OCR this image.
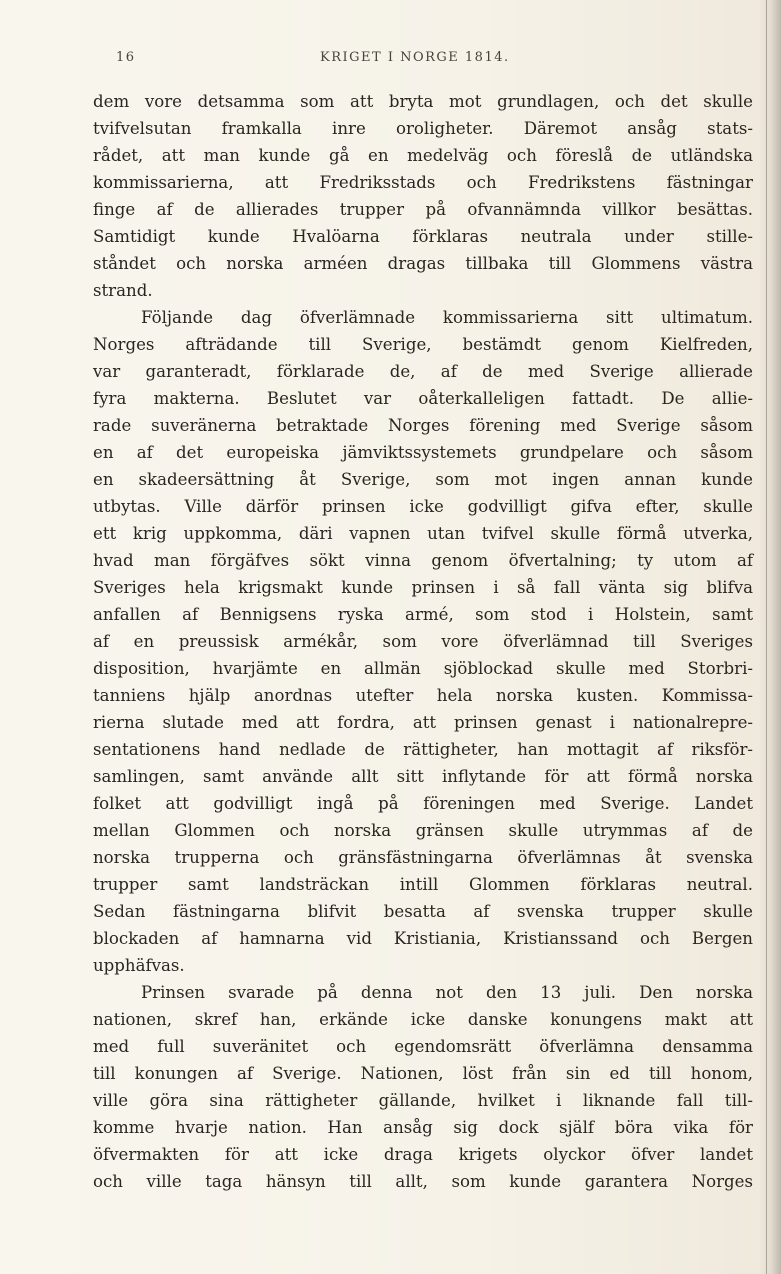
16	KRIGET I NORGE 1814.
dem vore detsamma som att bryta mot grundlagen, och det skulle
tvifvelsutan framkalla inre oroligheter. Däremot ansåg stats-
rådet, att man kunde gå en medelväg och föreslå de utländska
kommissarierna, att Fredriksstads och Fredrikstens fästningar
finge af de allierades trupper på ofvannämnda villkor besättas.
Samtidigt kunde Hvalöarna förklaras neutrala under stille-
ståndet och norska arméen dragas tillbaka till Glommens västra
strand.
Följande dag öfverlämnade kommissarierna sitt ultimatum.
Norges afträdande till Sverige, bestämdt genom Kielfreden,
var garanteradt, förklarade de, af de med Sverige allierade
fyra makterna. Beslutet var oåterkalleligen fattadt. De allie-
rade suveränerna betraktade Norges förening med Sverige såsom
en af det europeiska jämviktssystemets grundpelare och såsom
en skadeersättning åt Sverige, som mot ingen annan kunde
utbytas. Ville därför prinsen icke godvilligt gifva efter, skulle
ett krig uppkomma, däri vapnen utan tvifvel skulle förmå utverka,
hvad man förgäfves sökt vinna genom öfvertalning; ty utom af
Sveriges hela krigsmakt kunde prinsen i så fall vänta sig blifva
anfallen af Bennigsens ryska armé, som stod i Holstein, samt
af en preussisk armékår, som vore öfverlämnad till Sveriges
disposition, hvarjämte en allmän sjöblockad skulle med Storbri-
tanniens hjälp anordnas utefter hela norska kusten. Kommissa-
rierna slutade med att fordra, att prinsen genast i nationalrepre-
sentationens hand nedlade de rättigheter, han mottagit af riksför-
samlingen, samt använde allt sitt inflytande för att förmå norska
folket att godvilligt ingå på föreningen med Sverige. Landet
mellan Glommen och norska gränsen skulle utrymmas af de
norska trupperna och gränsfästningarna öfverlämnas åt svenska
trupper samt landsträckan intill Glommen förklaras neutral.
Sedan fästningarna blifvit besatta af svenska trupper skulle
blockaden af hamnarna vid Kristiania, Kristianssand och Bergen
upphäfvas.
Prinsen svarade på denna not den 13 juli. Den norska
nationen, skref han, erkände icke danske konungens makt att
med full suveränitet och egendomsrätt öfverlämna densamma
till konungen af Sverige. Nationen, löst från sin ed till honom,
ville göra sina rättigheter gällande, hvilket i liknande fall till-
komme hvarje nation. Han ansåg sig dock själf böra vika för
öfvermakten för att icke draga krigets olyckor öfver landet
och ville taga hänsyn till allt, som kunde garantera Norges
